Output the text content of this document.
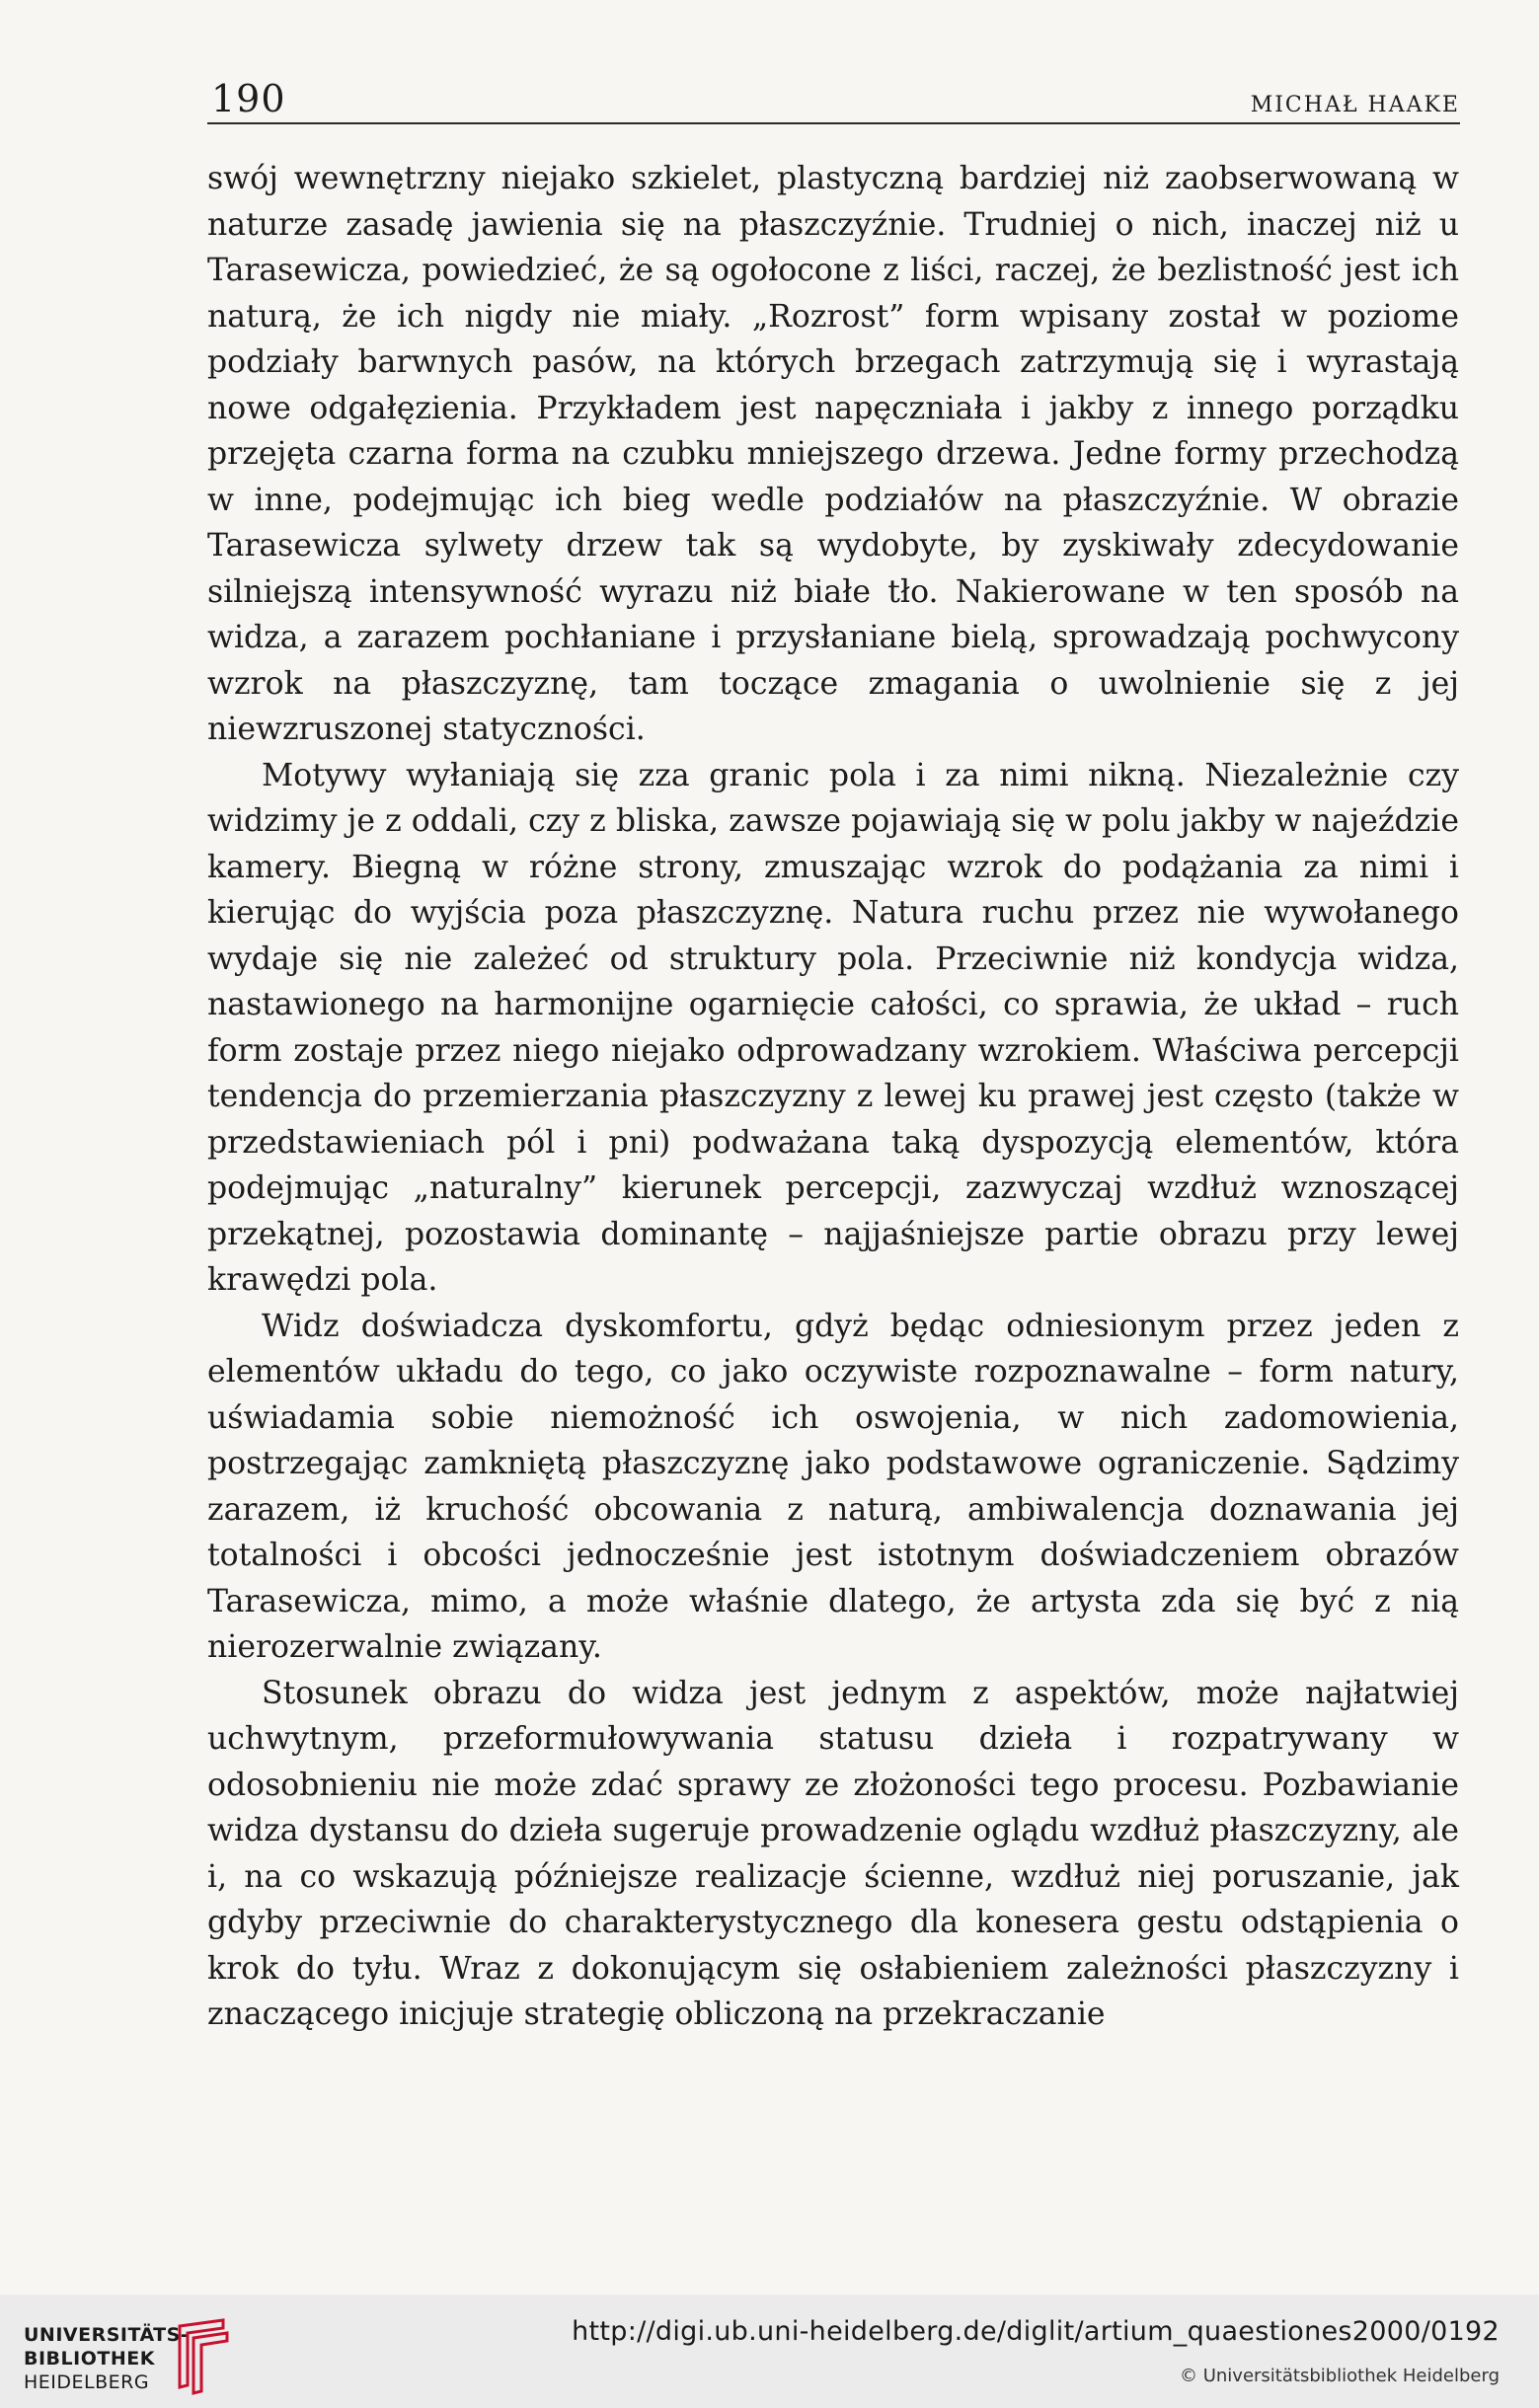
190	MICHAŁ HAAKE

swój wewnętrzny niejako szkielet, plastyczną bardziej niż zaobserwowaną w naturze zasadę jawienia się na płaszczyźnie. Trudniej o nich, inaczej niż u Tarasewicza, powiedzieć, że są ogołocone z liści, raczej, że bezlistność jest ich naturą, że ich nigdy nie miały. „Rozrost” form wpisany został w poziome podziały barwnych pasów, na których brzegach zatrzymują się i wyrastają nowe odgałęzienia. Przykładem jest napęczniała i jakby z innego porządku przejęta czarna forma na czubku mniejszego drzewa. Jedne formy przechodzą w inne, podejmując ich bieg wedle podziałów na płaszczyźnie. W obrazie Tarasewicza sylwety drzew tak są wydobyte, by zyskiwały zdecydowanie silniejszą intensywność wyrazu niż białe tło. Nakierowane w ten sposób na widza, a zarazem pochłaniane i przysłaniane bielą, sprowadzają pochwycony wzrok na płaszczyznę, tam toczące zmagania o uwolnienie się z jej niewzruszonej statyczności.

Motywy wyłaniają się zza granic pola i za nimi nikną. Niezależnie czy widzimy je z oddali, czy z bliska, zawsze pojawiają się w polu jakby w najeździe kamery. Biegną w różne strony, zmuszając wzrok do podążania za nimi i kierując do wyjścia poza płaszczyznę. Natura ruchu przez nie wywołanego wydaje się nie zależeć od struktury pola. Przeciwnie niż kondycja widza, nastawionego na harmonijne ogarnięcie całości, co sprawia, że układ – ruch form zostaje przez niego niejako odprowadzany wzrokiem. Właściwa percepcji tendencja do przemierzania płaszczyzny z lewej ku prawej jest często (także w przedstawieniach pól i pni) podważana taką dyspozycją elementów, która podejmując „naturalny” kierunek percepcji, zazwyczaj wzdłuż wznoszącej przekątnej, pozostawia dominantę – najjaśniejsze partie obrazu przy lewej krawędzi pola.

Widz doświadcza dyskomfortu, gdyż będąc odniesionym przez jeden z elementów układu do tego, co jako oczywiste rozpoznawalne – form natury, uświadamia sobie niemożność ich oswojenia, w nich zadomowienia, postrzegając zamkniętą płaszczyznę jako podstawowe ograniczenie. Sądzimy zarazem, iż kruchość obcowania z naturą, ambiwalencja doznawania jej totalności i obcości jednocześnie jest istotnym doświadczeniem obrazów Tarasewicza, mimo, a może właśnie dlatego, że artysta zda się być z nią nierozerwalnie związany.

Stosunek obrazu do widza jest jednym z aspektów, może najłatwiej uchwytnym, przeformułowywania statusu dzieła i rozpatrywany w odosobnieniu nie może zdać sprawy ze złożoności tego procesu. Pozbawianie widza dystansu do dzieła sugeruje prowadzenie oglądu wzdłuż płaszczyzny, ale i, na co wskazują późniejsze realizacje ścienne, wzdłuż niej poruszanie, jak gdyby przeciwnie do charakterystycznego dla konesera gestu odstąpienia o krok do tyłu. Wraz z dokonującym się osłabieniem zależności płaszczyzny i znaczącego inicjuje strategię obliczoną na przekraczanie

UNIVERSITÄTS-
BIBLIOTHEK
HEIDELBERG
http://digi.ub.uni-heidelberg.de/diglit/artium_quaestiones2000/0192
© Universitätsbibliothek Heidelberg
